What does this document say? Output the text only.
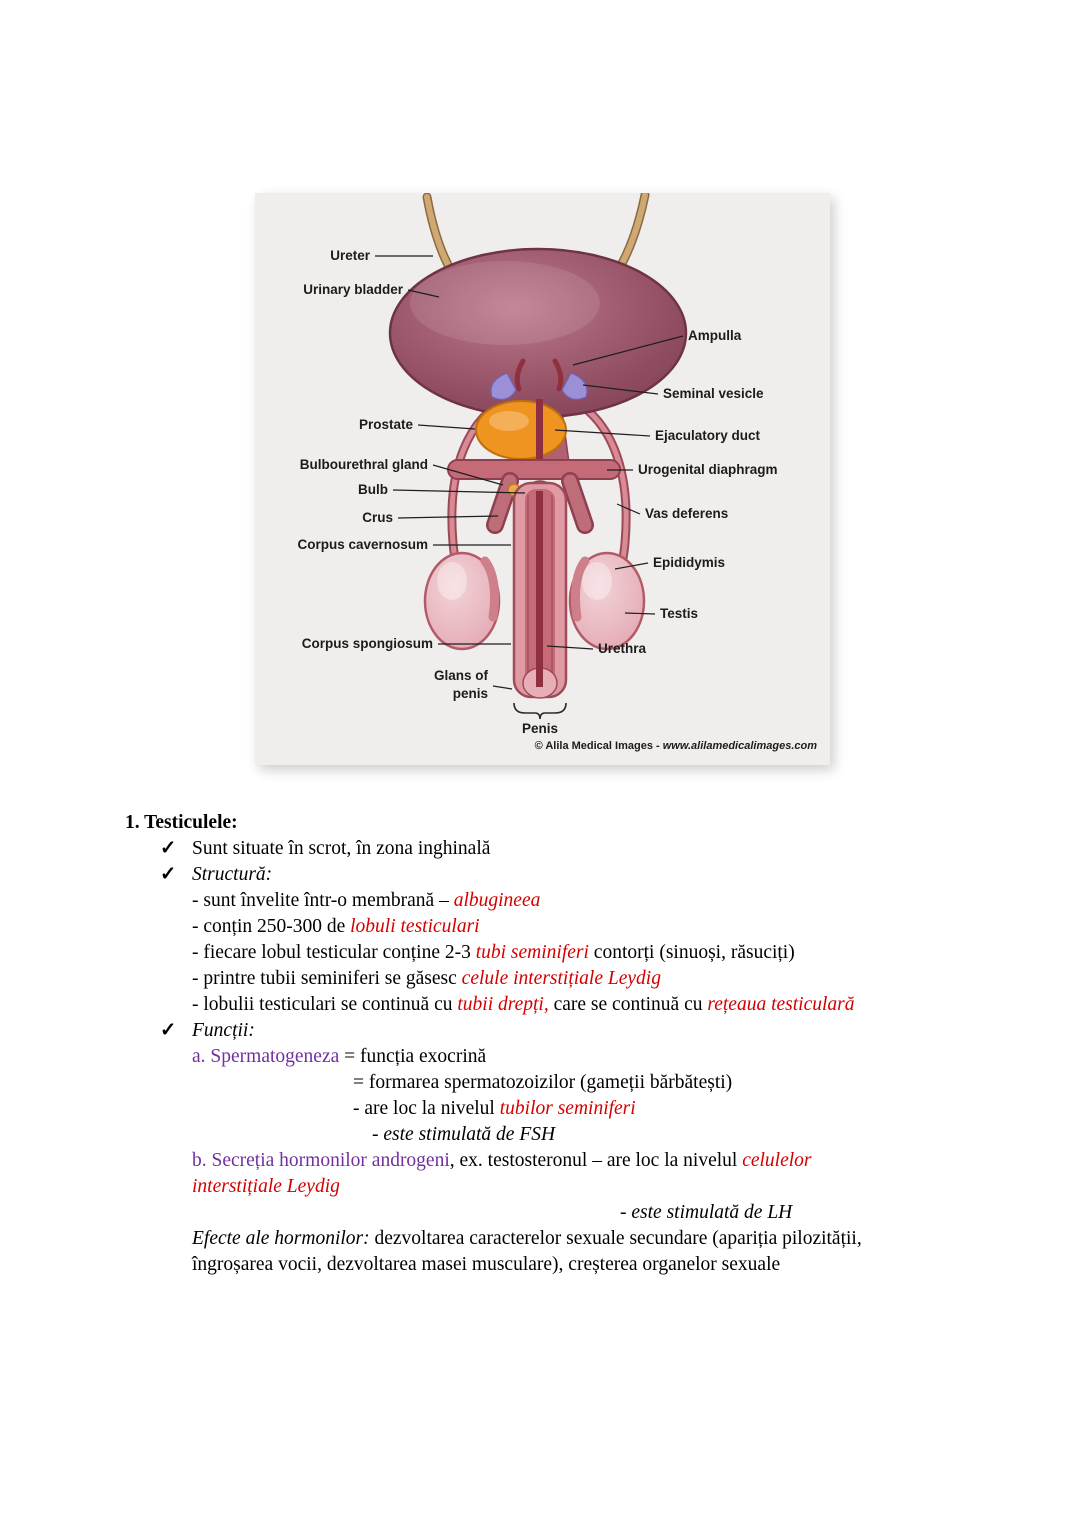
Ureter
Urinary bladder
Prostate
Bulbourethral gland
Bulb
Crus
Corpus cavernosum
Corpus spongiosum
Glans of
penis
Ampulla
Seminal vesicle
Ejaculatory duct
Urogenital diaphragm
Vas deferens
Epididymis
Testis
Urethra
Penis
© Alila Medical Images - www.alilamedicalimages.com
1. Testiculele:
✓ Sunt situate în scrot, în zona inghinală
✓ Structură:
- sunt învelite într-o membrană – albugineea
- conțin 250-300 de lobuli testiculari
- fiecare lobul testicular conține 2-3 tubi seminiferi contorți (sinuoși, răsuciți)
- printre tubii seminiferi se găsesc celule interstițiale Leydig
- lobulii testiculari se continuă cu tubii drepți, care se continuă cu rețeaua testiculară
✓ Funcții:
a. Spermatogeneza = funcția exocrină
= formarea spermatozoizilor (gameții bărbătești)
- are loc la nivelul tubilor seminiferi
- este stimulată de FSH
b. Secreția hormonilor androgeni, ex. testosteronul – are loc la nivelul celulelor
interstițiale Leydig
- este stimulată de LH
Efecte ale hormonilor: dezvoltarea caracterelor sexuale secundare (apariția pilozității,
îngroșarea vocii, dezvoltarea masei musculare), creșterea organelor sexuale
